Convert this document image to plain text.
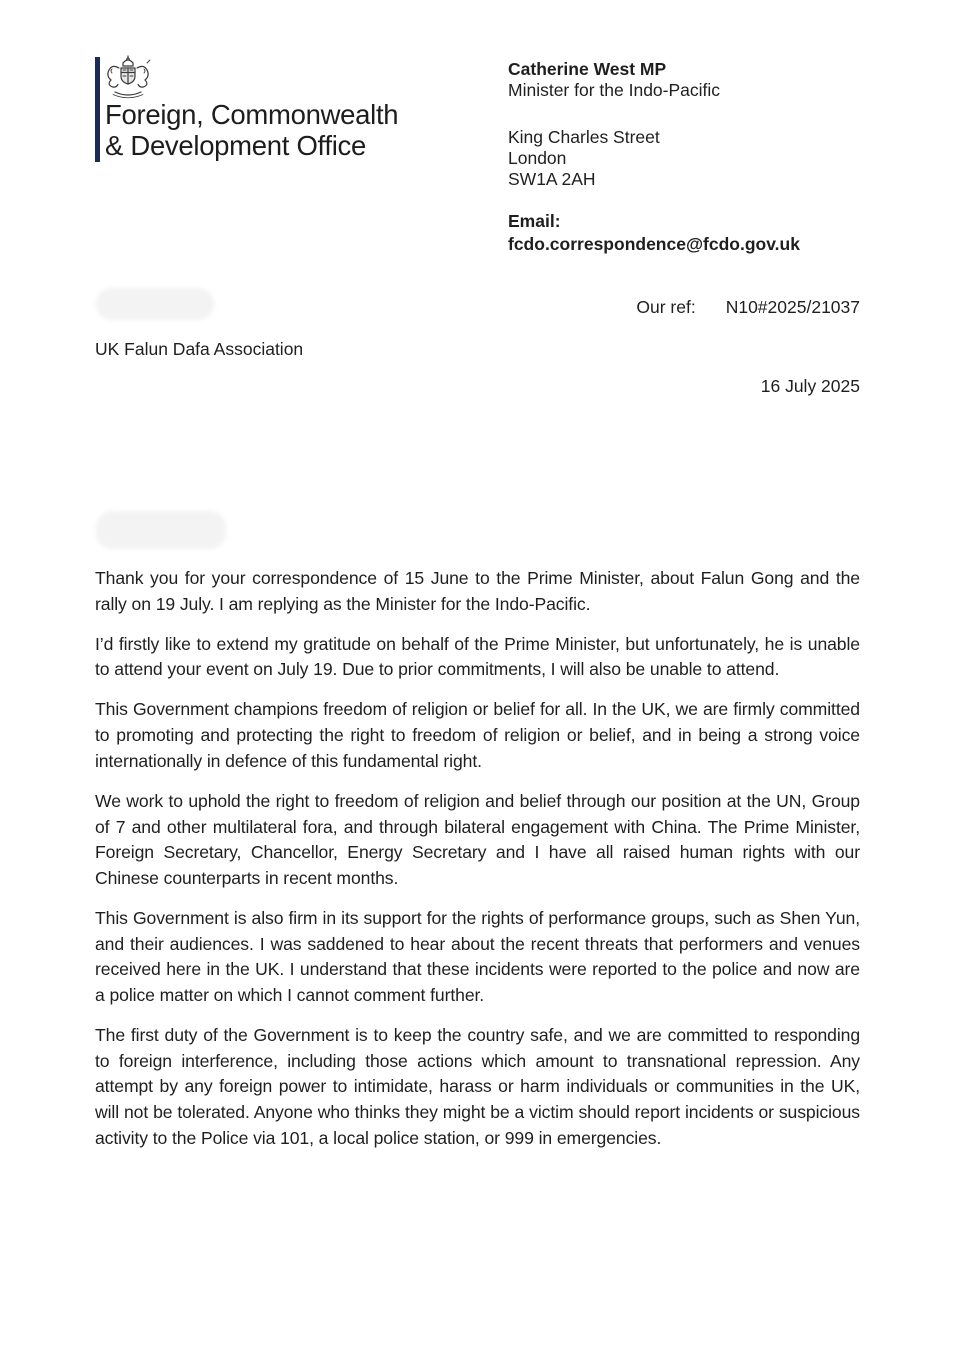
Foreign, Commonwealth
& Development Office
Catherine West MP
Minister for the Indo-Pacific
King Charles Street
London
SW1A 2AH
Email:
fcdo.correspondence@fcdo.gov.uk
Our ref: N10#2025/21037
UK Falun Dafa Association
16 July 2025

Thank you for your correspondence of 15 June to the Prime Minister, about Falun Gong and the rally on 19 July. I am replying as the Minister for the Indo-Pacific.

I’d firstly like to extend my gratitude on behalf of the Prime Minister, but unfortunately, he is unable to attend your event on July 19. Due to prior commitments, I will also be unable to attend.

This Government champions freedom of religion or belief for all. In the UK, we are firmly committed to promoting and protecting the right to freedom of religion or belief, and in being a strong voice internationally in defence of this fundamental right.

We work to uphold the right to freedom of religion and belief through our position at the UN, Group of 7 and other multilateral fora, and through bilateral engagement with China. The Prime Minister, Foreign Secretary, Chancellor, Energy Secretary and I have all raised human rights with our Chinese counterparts in recent months.

This Government is also firm in its support for the rights of performance groups, such as Shen Yun, and their audiences. I was saddened to hear about the recent threats that performers and venues received here in the UK. I understand that these incidents were reported to the police and now are a police matter on which I cannot comment further.

The first duty of the Government is to keep the country safe, and we are committed to responding to foreign interference, including those actions which amount to transnational repression. Any attempt by any foreign power to intimidate, harass or harm individuals or communities in the UK, will not be tolerated. Anyone who thinks they might be a victim should report incidents or suspicious activity to the Police via 101, a local police station, or 999 in emergencies.
